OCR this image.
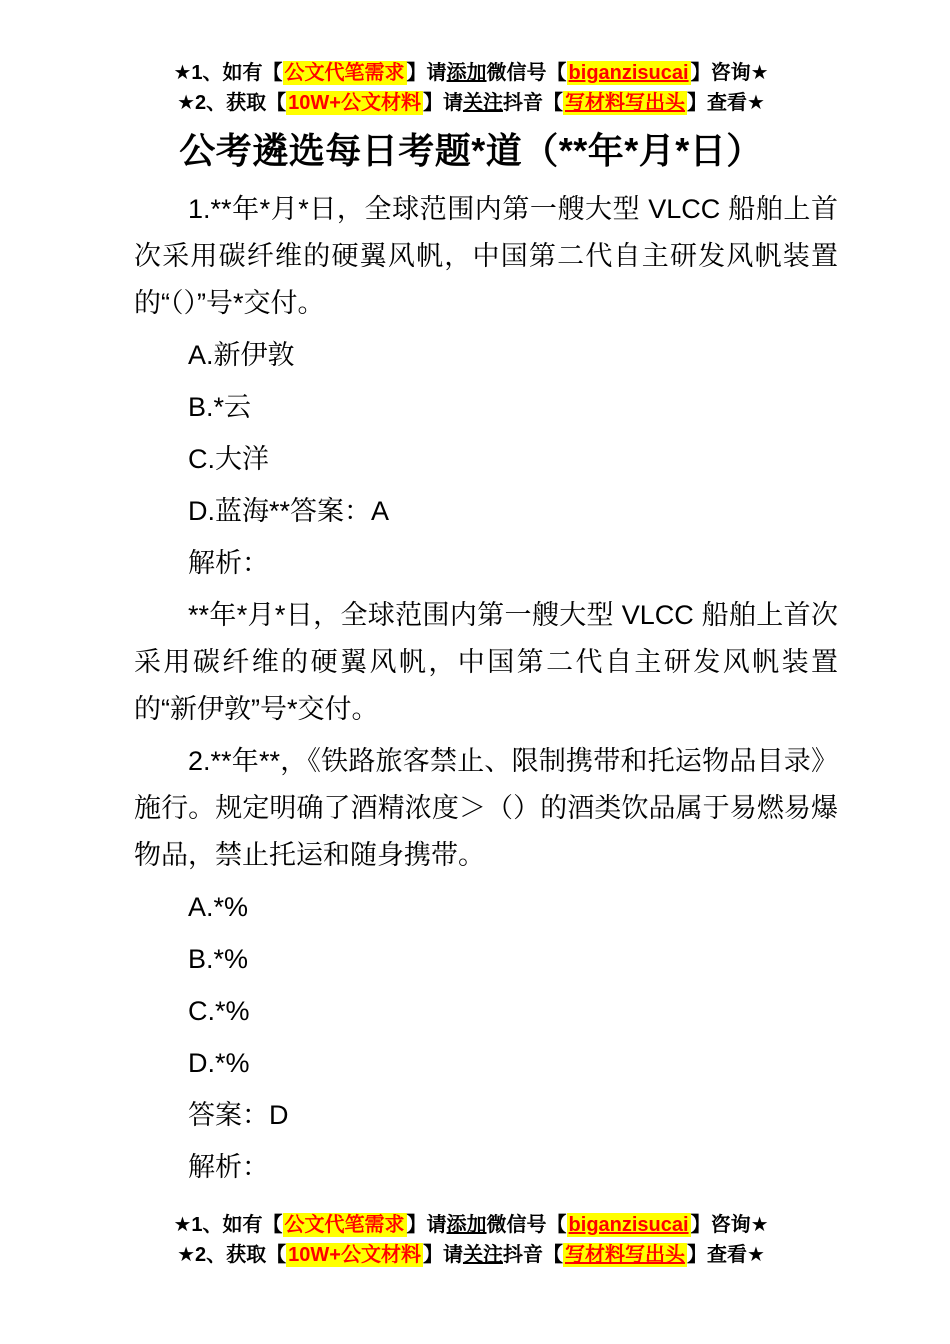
★1、如有【 公文代笔需求 】请添加微信号【 biganzisucai 】咨询★
★2、获取【 10W+公文材料 】请关注抖音【 写材料写出头 】查看★
公考遴选每日考题*道（**年*月*日）

1.**年*月*日，全球范围内第一艘大型 VLCC 船舶上首次采用碳纤维的硬翼风帆，中国第二代自主研发风帆装置的“（）”号*交付。

A.新伊敦

B.*云

C.大洋

D.蓝海**答案：A

解析：

**年*月*日，全球范围内第一艘大型 VLCC 船舶上首次采用碳纤维的硬翼风帆，中国第二代自主研发风帆装置的“新伊敦”号*交付。

2.**年**，《铁路旅客禁止、限制携带和托运物品目录》施行。规定明确了酒精浓度＞（）的酒类饮品属于易燃易爆物品，禁止托运和随身携带。

A.*%

B.*%

C.*%

D.*%

答案：D

解析：

★1、如有【 公文代笔需求 】请添加微信号【 biganzisucai 】咨询★
★2、获取【 10W+公文材料 】请关注抖音【 写材料写出头 】查看★
